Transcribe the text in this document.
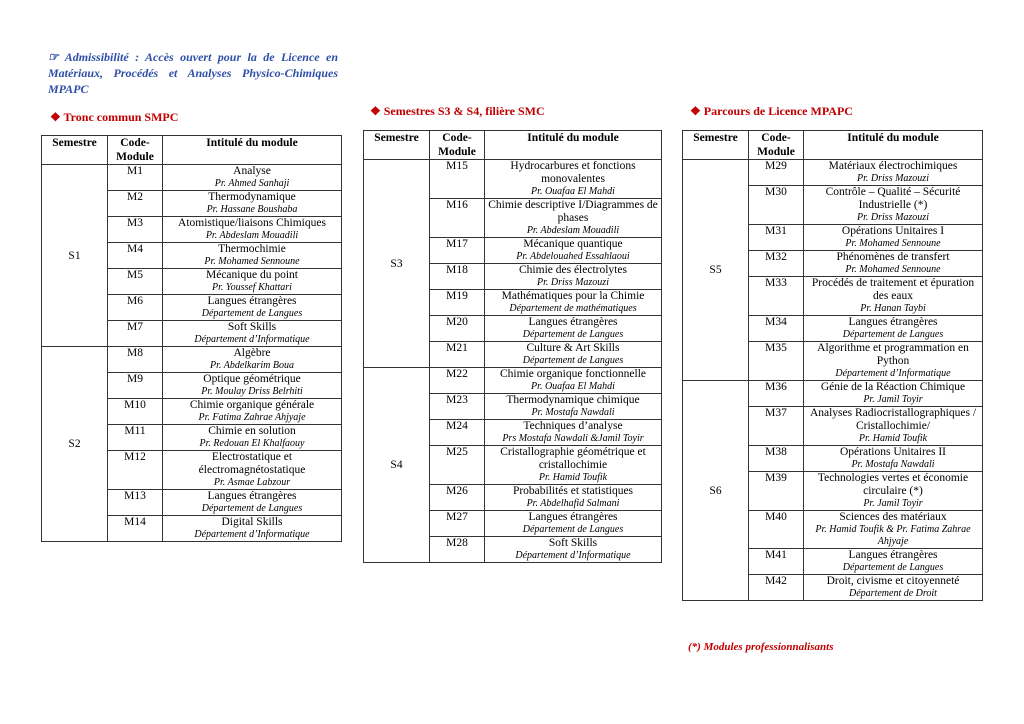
☞ Admissibilité : Accès ouvert pour la de Licence en Matériaux, Procédés et Analyses Physico-Chimiques MPAPC
❖ Tronc commun SMPC	❖ Semestres S3 & S4, filière SMC	❖ Parcours de Licence MPAPC
Semestre	Code-Module	Intitulé du module
S1	M1	Analyse
Pr. Ahmed Sanhaji

	M2	Thermodynamique
Pr. Hassane Boushaba

	M3	Atomistique/liaisons Chimiques
Pr. Abdeslam Mouadili

	M4	Thermochimie
Pr. Mohamed Sennoune

	M5	Mécanique du point
Pr. Youssef Khattari

	M6	Langues étrangères
Département de Langues

	M7	Soft Skills
Département d’Informatique

S2	M8	Algèbre
Pr. Abdelkarim Boua

	M9	Optique géométrique
Pr. Moulay Driss Belrhiti

	M10	Chimie organique générale
Pr. Fatima Zahrae Ahjyaje

	M11	Chimie en solution
Pr. Redouan El Khalfaouy

	M12	Electrostatique et électromagnétostatique
Pr. Asmae Labzour

	M13	Langues étrangères
Département de Langues

	M14	Digital Skills
Département d’Informatique
Semestre	Code-Module	Intitulé du module
S3	M15	Hydrocarbures et fonctions monovalentes
Pr. Ouafaa El Mahdi

	M16	Chimie descriptive I/Diagrammes de phases
Pr. Abdeslam Mouadili

	M17	Mécanique quantique
Pr. Abdelouahed Essahlaoui

	M18	Chimie des électrolytes
Pr. Driss Mazouzi

	M19	Mathématiques pour la Chimie
Département de mathématiques

	M20	Langues étrangères
Département de Langues

	M21	Culture & Art Skills
Département de Langues

S4	M22	Chimie organique fonctionnelle
Pr. Ouafaa El Mahdi

	M23	Thermodynamique chimique
Pr. Mostafa Nawdali

	M24	Techniques d’analyse
Prs Mostafa Nawdali &Jamil Toyir

	M25	Cristallographie géométrique et cristallochimie
Pr. Hamid Toufik

	M26	Probabilités et statistiques
Pr. Abdelhafid Salmani

	M27	Langues étrangères
Département de Langues

	M28	Soft Skills
Département d’Informatique
Semestre	Code-Module	Intitulé du module
S5	M29	Matériaux électrochimiques
Pr. Driss Mazouzi

	M30	Contrôle – Qualité – Sécurité Industrielle (*)
Pr. Driss Mazouzi

	M31	Opérations Unitaires I
Pr. Mohamed Sennoune

	M32	Phénomènes de transfert
Pr. Mohamed Sennoune

	M33	Procédés de traitement et épuration des eaux
Pr. Hanan Taybi

	M34	Langues étrangères
Département de Langues

	M35	Algorithme et programmation en Python
Département d’Informatique

S6	M36	Génie de la Réaction Chimique
Pr. Jamil Toyir

	M37	Analyses Radiocristallographiques / Cristallochimie/
Pr. Hamid Toufik

	M38	Opérations Unitaires II
Pr. Mostafa Nawdali

	M39	Technologies vertes et économie circulaire (*)
Pr. Jamil Toyir

	M40	Sciences des matériaux
Pr. Hamid Toufik & Pr. Fatima Zahrae Ahjyaje

	M41	Langues étrangères
Département de Langues

	M42	Droit, civisme et citoyenneté
Département de Droit
(*) Modules professionnalisants
